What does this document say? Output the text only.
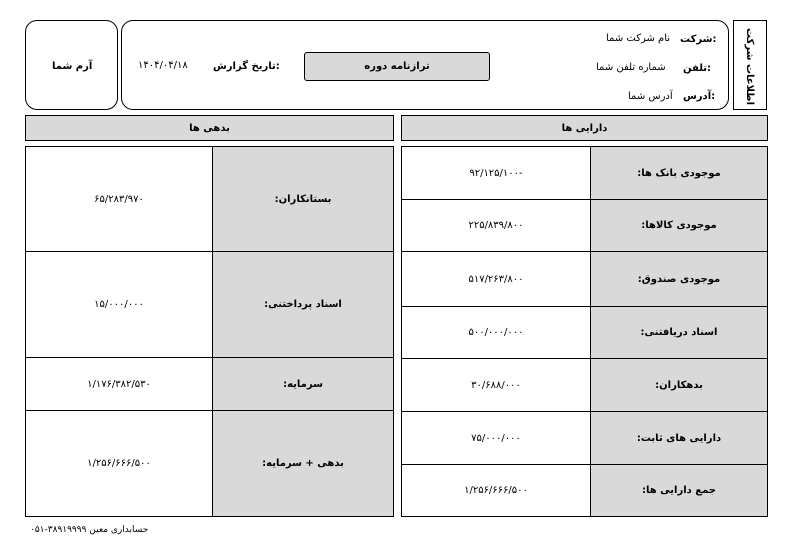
اطلاعات شرکت
شرکت:
نام شرکت شما
تلفن:
شماره تلفن شما
آدرس:
آدرس شما
ترازنامه دوره
تاریخ گزارش:
۱۴۰۴/۰۴/۱۸
آرم شما
دارایی ها
بدهی ها
۹۲/۱۲۵/۱۰۰-	موجودی بانک ها:
۲۲۵/۸۳۹/۸۰۰	موجودی کالاها:
۵۱۷/۲۶۳/۸۰۰	موجودی صندوق:
۵۰۰/۰۰۰/۰۰۰	اسناد دریافتنی:
۳۰/۶۸۸/۰۰۰	بدهکاران:
۷۵/۰۰۰/۰۰۰	دارایی های ثابت:
۱/۲۵۶/۶۶۶/۵۰۰	جمع دارایی ها:
۶۵/۲۸۳/۹۷۰	بستانکاران:
۱۵/۰۰۰/۰۰۰	اسناد پرداختنی:
۱/۱۷۶/۳۸۲/۵۳۰	سرمایه:
۱/۲۵۶/۶۶۶/۵۰۰	بدهی + سرمایه:
حسابداری معین ۳۸۹۱۹۹۹۹-۰۵۱
